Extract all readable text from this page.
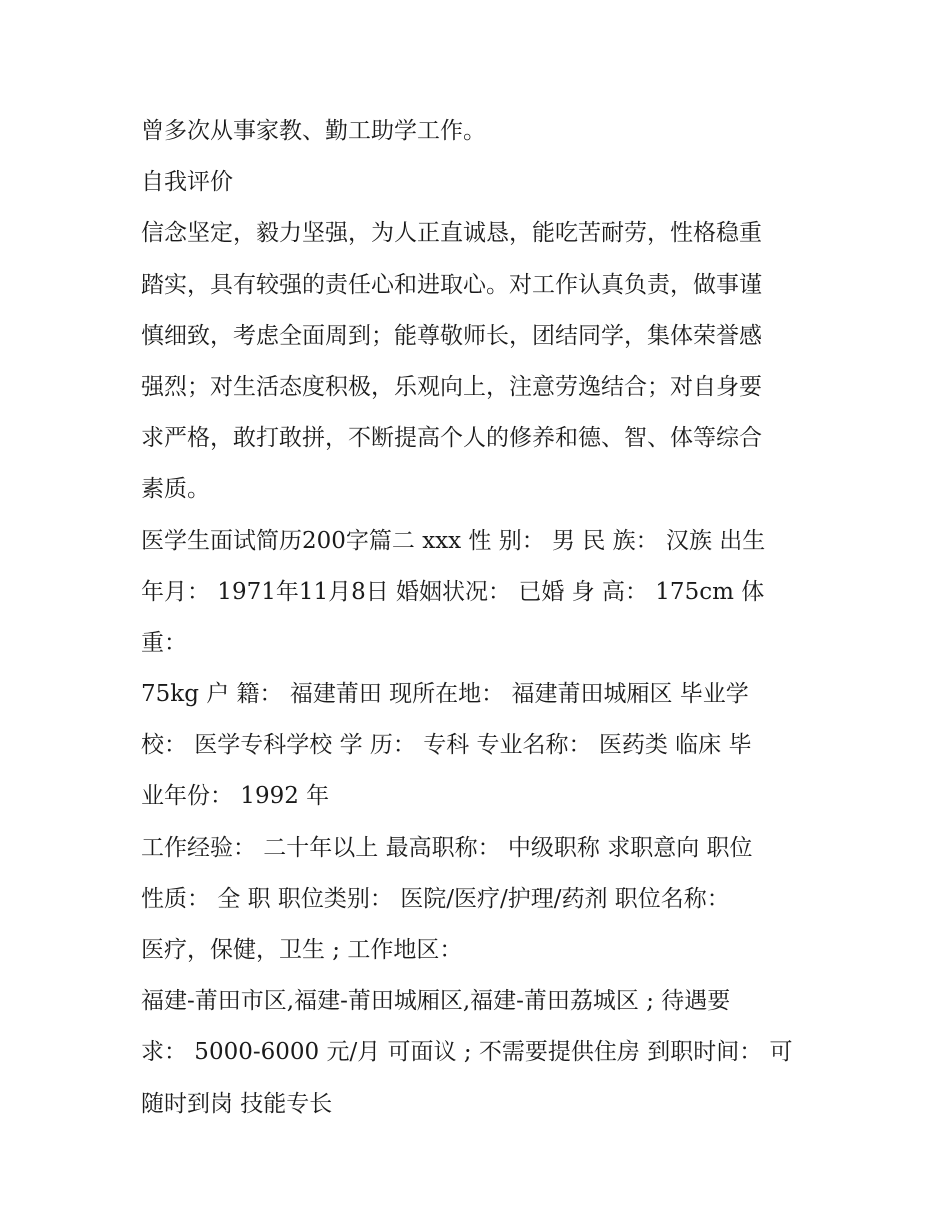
曾多次从事家教、勤工助学工作。
自我评价
信念坚定，毅力坚强，为人正直诚恳，能吃苦耐劳，性格稳重
踏实，具有较强的责任心和进取心。对工作认真负责，做事谨
慎细致，考虑全面周到；能尊敬师长，团结同学，集体荣誉感
强烈；对生活态度积极，乐观向上，注意劳逸结合；对自身要
求严格，敢打敢拼，不断提高个人的修养和德、智、体等综合
素质。
医学生面试简历200字篇二 xxx 性 别： 男 民 族： 汉族 出生
年月： 1971年11月8日 婚姻状况： 已婚 身 高： 175cm 体
重：
75kg 户 籍： 福建莆田 现所在地： 福建莆田城厢区 毕业学
校： 医学专科学校 学 历： 专科 专业名称： 医药类 临床 毕
业年份： 1992 年
工作经验： 二十年以上 最高职称： 中级职称 求职意向 职位
性质： 全 职 职位类别： 医院/医疗/护理/药剂 职位名称：
医疗，保健，卫生 ; 工作地区：
福建-莆田市区,福建-莆田城厢区,福建-莆田荔城区 ; 待遇要
求： 5000-6000 元/月 可面议 ; 不需要提供住房 到职时间： 可
随时到岗 技能专长
